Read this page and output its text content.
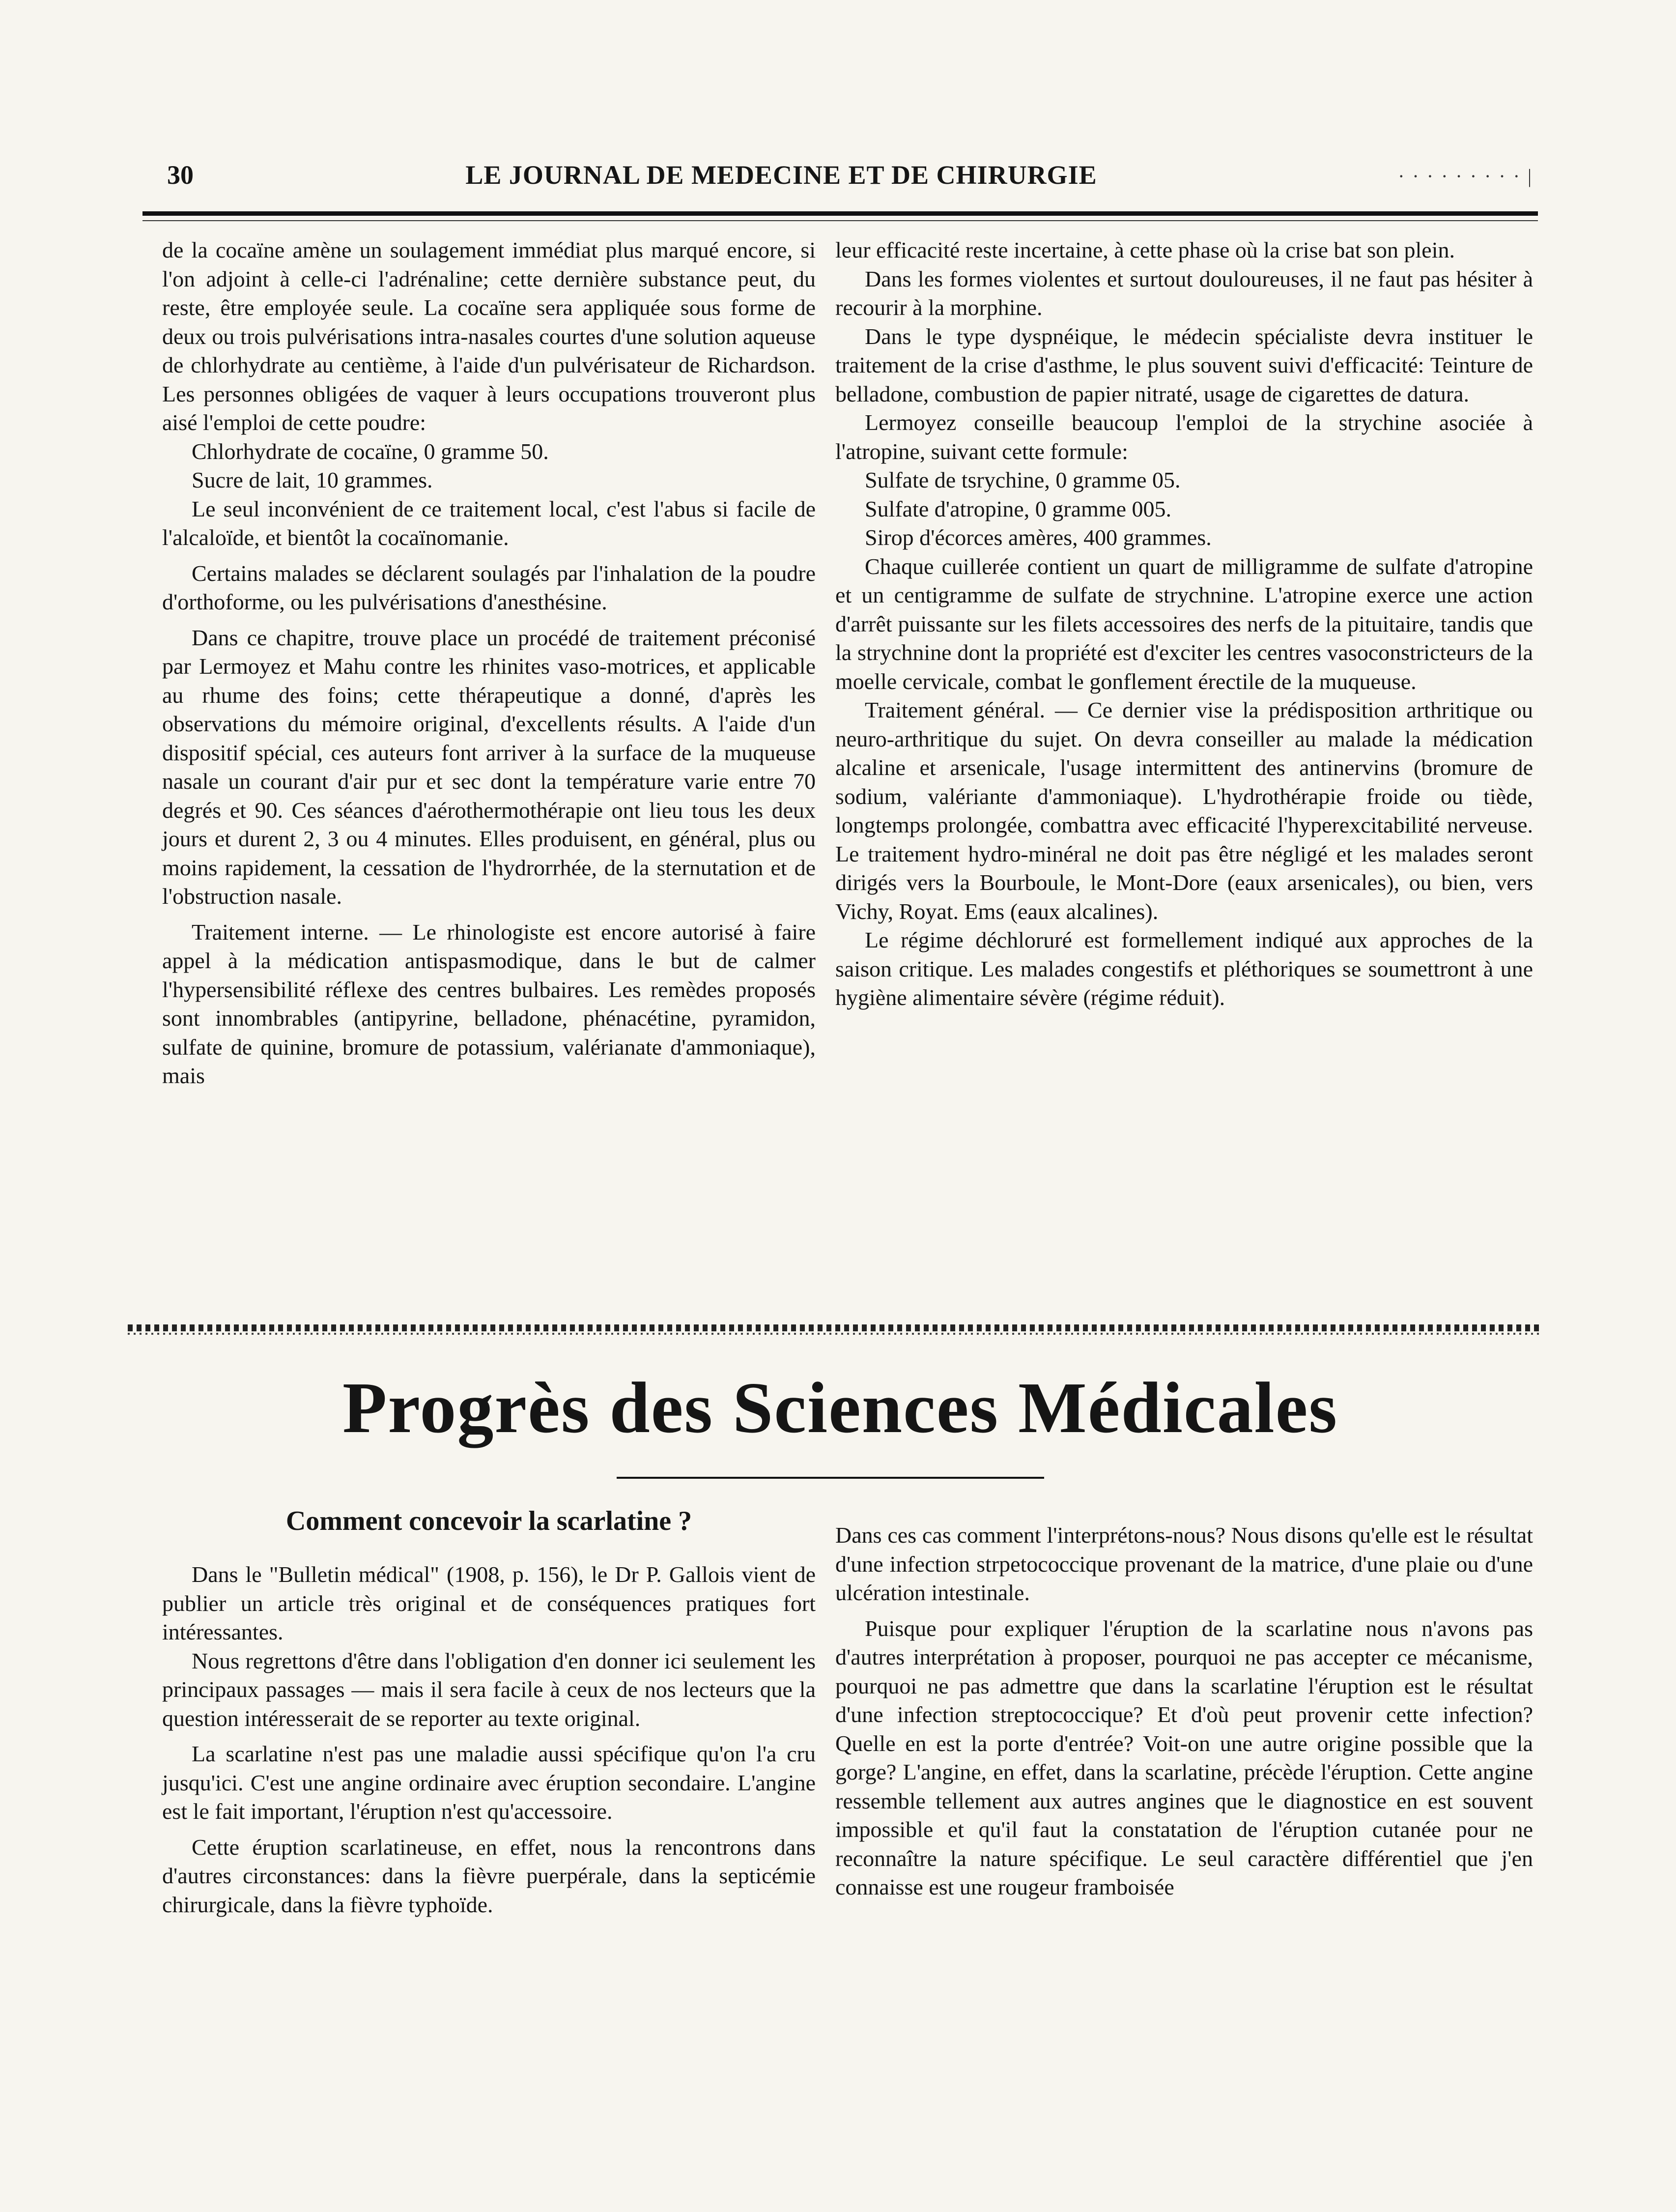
30	LE JOURNAL DE MEDECINE ET DE CHIRURGIE	· · · · · · · · · |

de la cocaïne amène un soulagement immédiat plus marqué encore, si l'on adjoint à celle-ci l'adrénaline; cette dernière substance peut, du reste, être employée seule. La cocaïne sera appliquée sous forme de deux ou trois pulvérisations intra-nasales courtes d'une solution aqueuse de chlorhydrate au centième, à l'aide d'un pulvérisateur de Richardson. Les personnes obligées de vaquer à leurs occupations trouveront plus aisé l'emploi de cette poudre:

Chlorhydrate de cocaïne, 0 gramme 50.

Sucre de lait, 10 grammes.

Le seul inconvénient de ce traitement local, c'est l'abus si facile de l'alcaloïde, et bientôt la cocaïnomanie.

Certains malades se déclarent soulagés par l'inhalation de la poudre d'orthoforme, ou les pulvérisations d'anesthésine.

Dans ce chapitre, trouve place un procédé de traitement préconisé par Lermoyez et Mahu contre les rhinites vaso-motrices, et applicable au rhume des foins; cette thérapeutique a donné, d'après les observations du mémoire original, d'excellents résults. A l'aide d'un dispositif spécial, ces auteurs font arriver à la surface de la muqueuse nasale un courant d'air pur et sec dont la température varie entre 70 degrés et 90. Ces séances d'aérothermothérapie ont lieu tous les deux jours et durent 2, 3 ou 4 minutes. Elles produisent, en général, plus ou moins rapidement, la cessation de l'hydrorrhée, de la sternutation et de l'obstruction nasale.

Traitement interne. — Le rhinologiste est encore autorisé à faire appel à la médication antispasmodique, dans le but de calmer l'hypersensibilité réflexe des centres bulbaires. Les remèdes proposés sont innombrables (antipyrine, belladone, phénacétine, pyramidon, sulfate de quinine, bromure de potassium, valérianate d'ammoniaque), mais

leur efficacité reste incertaine, à cette phase où la crise bat son plein.

Dans les formes violentes et surtout douloureuses, il ne faut pas hésiter à recourir à la morphine.

Dans le type dyspnéique, le médecin spécialiste devra instituer le traitement de la crise d'asthme, le plus souvent suivi d'efficacité: Teinture de belladone, combustion de papier nitraté, usage de cigarettes de datura.

Lermoyez conseille beaucoup l'emploi de la strychine asociée à l'atropine, suivant cette formule:

Sulfate de tsrychine, 0 gramme 05.

Sulfate d'atropine, 0 gramme 005.

Sirop d'écorces amères, 400 grammes.

Chaque cuillerée contient un quart de milligramme de sulfate d'atropine et un centigramme de sulfate de strychnine. L'atropine exerce une action d'arrêt puissante sur les filets accessoires des nerfs de la pituitaire, tandis que la strychnine dont la propriété est d'exciter les centres vasoconstricteurs de la moelle cervicale, combat le gonflement érectile de la muqueuse.

Traitement général. — Ce dernier vise la prédisposition arthritique ou neuro-arthritique du sujet. On devra conseiller au malade la médication alcaline et arsenicale, l'usage intermittent des antinervins (bromure de sodium, valériante d'ammoniaque). L'hydrothérapie froide ou tiède, longtemps prolongée, combattra avec efficacité l'hyperexcitabilité nerveuse. Le traitement hydro-minéral ne doit pas être négligé et les malades seront dirigés vers la Bourboule, le Mont-Dore (eaux arsenicales), ou bien, vers Vichy, Royat. Ems (eaux alcalines).

Le régime déchloruré est formellement indiqué aux approches de la saison critique. Les malades congestifs et pléthoriques se soumettront à une hygiène alimentaire sévère (régime réduit).

Progrès des Sciences Médicales
Comment concevoir la scarlatine ?

Dans le "Bulletin médical" (1908, p. 156), le Dr P. Gallois vient de publier un article très original et de conséquences pratiques fort intéressantes.

Nous regrettons d'être dans l'obligation d'en donner ici seulement les principaux passages — mais il sera facile à ceux de nos lecteurs que la question intéresserait de se reporter au texte original.

La scarlatine n'est pas une maladie aussi spécifique qu'on l'a cru jusqu'ici. C'est une angine ordinaire avec éruption secondaire. L'angine est le fait important, l'éruption n'est qu'accessoire.

Cette éruption scarlatineuse, en effet, nous la rencontrons dans d'autres circonstances: dans la fièvre puerpérale, dans la septicémie chirurgicale, dans la fièvre typhoïde.

Dans ces cas comment l'interprétons-nous? Nous disons qu'elle est le résultat d'une infection strpetococcique provenant de la matrice, d'une plaie ou d'une ulcération intestinale.

Puisque pour expliquer l'éruption de la scarlatine nous n'avons pas d'autres interprétation à proposer, pourquoi ne pas accepter ce mécanisme, pourquoi ne pas admettre que dans la scarlatine l'éruption est le résultat d'une infection streptococcique? Et d'où peut provenir cette infection? Quelle en est la porte d'entrée? Voit-on une autre origine possible que la gorge? L'angine, en effet, dans la scarlatine, précède l'éruption. Cette angine ressemble tellement aux autres angines que le diagnostice en est souvent impossible et qu'il faut la constatation de l'éruption cutanée pour ne reconnaître la nature spécifique. Le seul caractère différentiel que j'en connaisse est une rougeur framboisée
